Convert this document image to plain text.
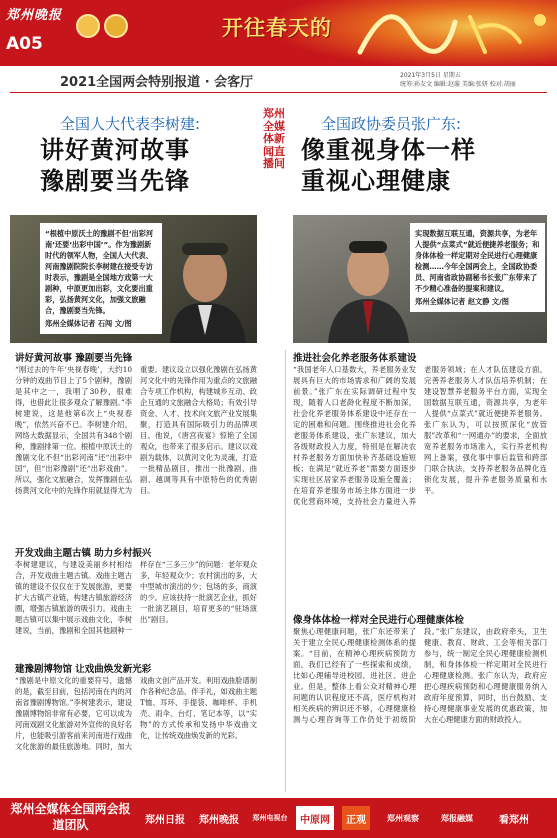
郑州晚报
A05
开往春天的
2021全国两会特别报道 · 会客厅	2021年3月5日 星期五
统筹:孙友文 编辑:赵璇 美编:张妍 校对:胡丽
全国人大代表李树建:
讲好黄河故事
豫剧要当先锋
郑州全媒体新闻直播间
全国政协委员张广东:
像重视身体一样
重视心理健康
“根植中原沃土的豫剧不但‘出彩河南’还要‘出彩中国’”。作为豫剧新时代的领军人物，全国人大代表、河南豫剧院院长李树建在接受专访时表示，豫剧是全国地方戏第一大剧种，中原更加出彩，文化要出重彩，弘扬黄河文化，加强文旅融合，豫剧要当先锋。
郑州全媒体记者 石闯 文/图
实现数据互联互通，资源共享，为老年人提供“点菜式”就近便捷养老服务；和身体体检一样定期对全民进行心理健康检测……今年全国两会上，全国政协委员、河南省政协副秘书长张广东带来了不少精心准备的提案和建议。
郑州全媒体记者 赵文静 文/图
讲好黄河故事 豫剧要当先锋
“刚过去的牛年‘央视春晚’，大约10分钟的戏曲节目上了5个剧种，豫剧是其中之一，我唱了30秒，很难得，也借此让很多观众了解豫剧。”李树建说，这是他第6次上“央视春晚”，依然兴奋不已。李树建介绍，网络大数据显示，全国共有348个剧种，豫剧排第一位。根植中原沃土的豫剧文化不但“出彩河南”还“出彩中国”，但“出彩豫剧”还“出彩戏曲”。所以，强化文旅融合，发挥豫剧在弘扬黄河文化中的先锋作用就显得尤为重要。建议设立以强化豫剧在弘扬黄河文化中的先锋作用为重点的文旅融合专项工作机构，构建城乡互动、政企互通的文旅融合大格局；有效引导资金、人才、技术向文旅产业发展集聚，打造具有国际吸引力的品牌项目。他说，《唐宫夜宴》惊艳了全国观众，也带来了很多启示。建议以戏剧为载体，以黄河文化为灵魂，打造一批精品剧目，推出一批豫剧、曲剧、越调等具有中原特色的优秀剧目。
开发戏曲主题古镇 助力乡村振兴
李树建建议，与建设美丽乡村相结合，开发戏曲主题古镇。戏曲主题古镇的建设不仅仅在于发展旅游，更要扩大古镇产业链，构建古镇旅游经济圈，增强古镇旅游的吸引力。戏曲主题古镇可以集中展示戏曲文化，李树建说，当前，豫剧和全国其他剧种一样存在“三多三少”的问题：老年观众多，年轻观众少；农村演出的多，大中型城市演出的少；包场的多，商演的少。应该扶持一批演艺企业，抓好一批演艺剧目，培育更多的“驻场演出”剧目。
建豫剧博物馆 让戏曲焕发新光彩
“豫剧是中原文化的重要符号，遗憾的是，截至目前，包括河南在内的河南省豫剧博物馆。”李树建表示，建设豫剧博物馆非常有必要，它可以成为河南戏剧文化旅游对外宣传的良好名片，也能吸引游客前来河南进行戏曲文化旅游的最佳旅游地。同时，加大戏曲文创产品开发。利用戏曲脸谱制作各种纪念品、伴手礼，如戏曲主题T恤、耳环、手提袋、咖啡杯、手机壳、雨伞、台灯、笔记本等，以“实物”的方式传承和发扬中华戏曲文化，让传统戏曲焕发新的光彩。
推进社会化养老服务体系建设
“我国老年人口基数大，养老服务业发展具有巨大的市场需求和广阔的发展前景。”张广东在实际调研过程中发现，随着人口老龄化程度不断加深，社会化养老服务体系建设中还存在一定的困难和问题。围绕推进社会化养老服务体系建设，张广东建议，加大各级财政投入力度，特别是在解决农村养老服务方面加快补齐基础设施短板；在满足“就近养老”需要方面逐步实现社区居家养老服务设施全覆盖；在培育养老服务市场主体方面进一步优化营商环境，支持社会力量进入养老服务领域；在人才队伍建设方面，完善养老服务人才队伍培养机制；在建设智慧养老服务平台方面，实现全国数据互联互通，资源共享，为老年人提供“点菜式”就近便捷养老服务。张广东认为，可以按照深化“放管服”改革和“一网通办”的要求，全面放宽养老服务市场准入，实行养老机构网上备案，强化事中事后监管和跨部门联合执法，支持养老服务品牌化连锁化发展，提升养老服务质量和水平。
像身体体检一样对全民进行心理健康体检
聚焦心理健康问题，张广东还带来了关于建立全民心理健康检测体系的提案。“目前，在精神心理疾病预防方面，我们已经有了一些探索和成绩，比如心理辅导进校园、进社区、进企业。但是，整体上看公众对精神心理问题的认识程度还不高，医疗机构对相关疾病的辨识还不够，心理健康检测与心理咨询等工作仍处于初级阶段。”张广东建议，由政府牵头，卫生健康、教育、财政、工会等相关部门参与，统一制定全民心理健康检测机制，和身体体检一样定期对全民进行心理健康检测。张广东认为，政府应把心理疾病预防和心理健康服务纳入政府年度预算，同时，出台鼓励、支持心理健康事业发展的优惠政策，加大在心理健康方面的财政投入。
郑州全媒体全国两会报道团队	郑州日报	郑州晚报	郑州电视台	中原网	正观	郑州观察	郑报融媒	看郑州
